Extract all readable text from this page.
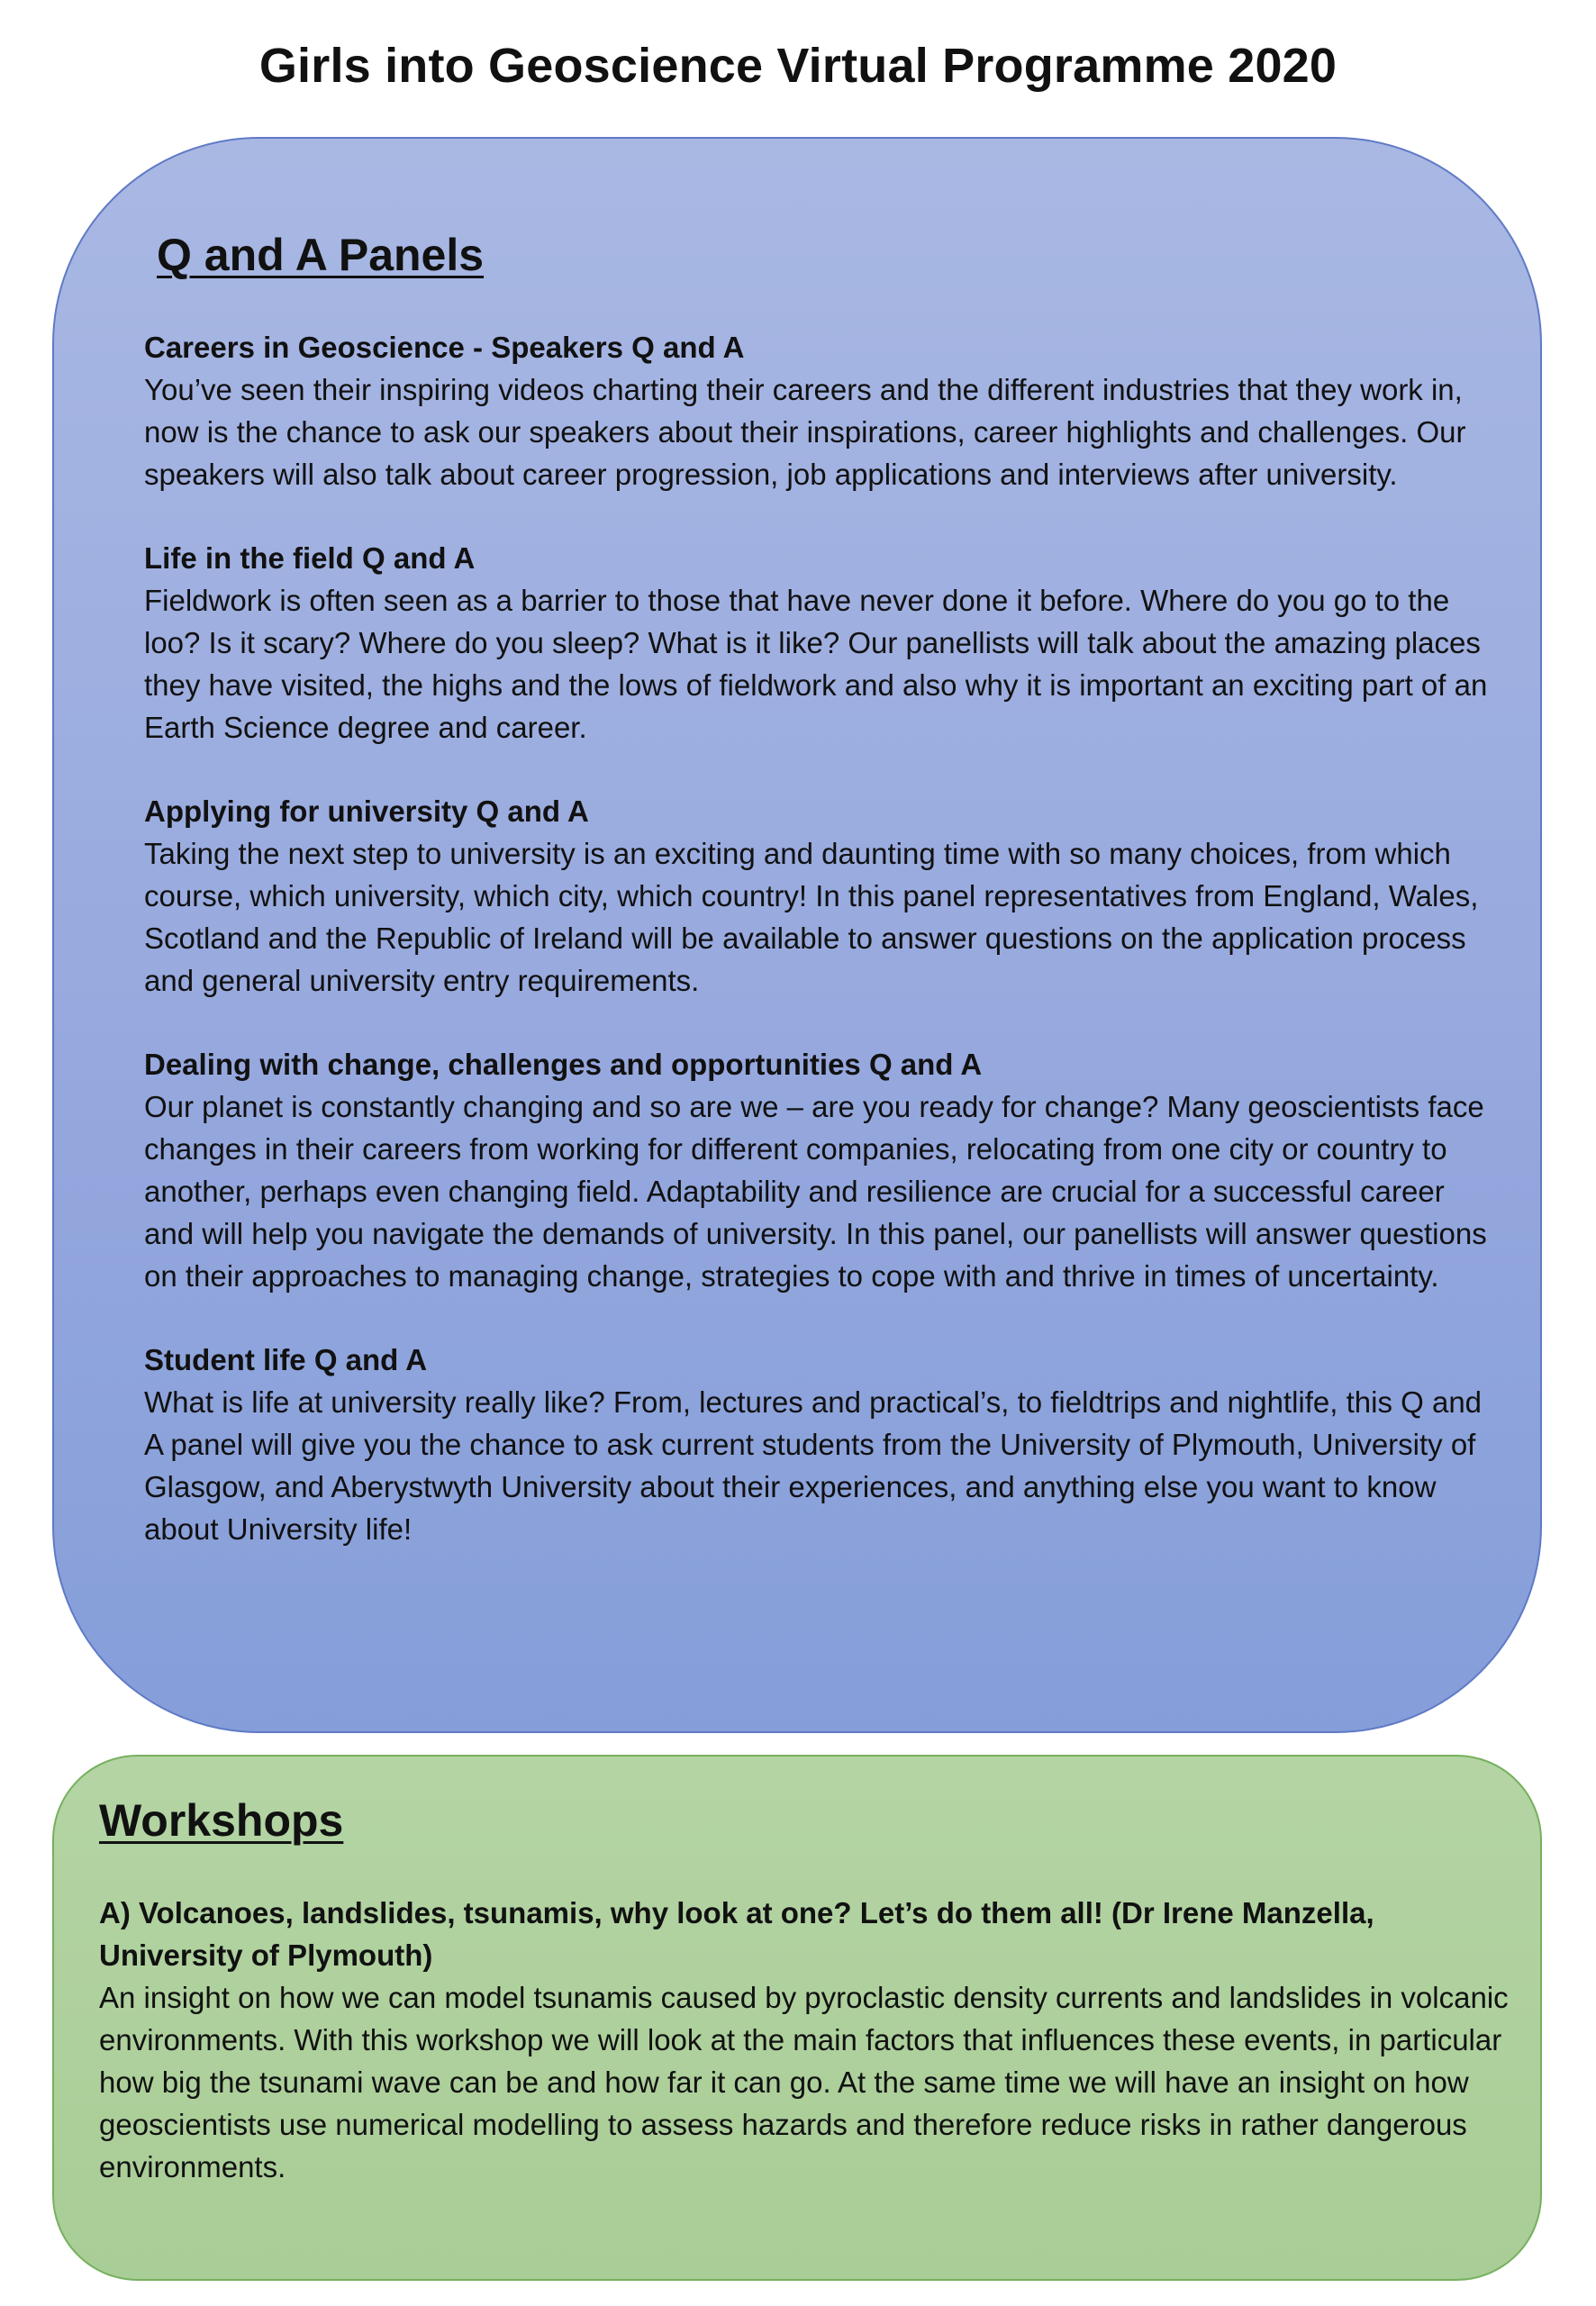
Girls into Geoscience Virtual Programme 2020
Q and A Panels

Careers in Geoscience - Speakers Q and A

You’ve seen their inspiring videos charting their careers and the different industries that they work in, now is the chance to ask our speakers about their inspirations, career highlights and challenges. Our speakers will also talk about career progression, job applications and interviews after university.

Life in the field Q and A

Fieldwork is often seen as a barrier to those that have never done it before. Where do you go to the loo? Is it scary? Where do you sleep? What is it like? Our panellists will talk about the amazing places they have visited, the highs and the lows of fieldwork and also why it is important an exciting part of an Earth Science degree and career.

Applying for university Q and A

Taking the next step to university is an exciting and daunting time with so many choices, from which course, which university, which city, which country! In this panel representatives from England, Wales, Scotland and the Republic of Ireland will be available to answer questions on the application process and general university entry requirements.

Dealing with change, challenges and opportunities Q and A

Our planet is constantly changing and so are we – are you ready for change? Many geoscientists face changes in their careers from working for different companies, relocating from one city or country to another, perhaps even changing field. Adaptability and resilience are crucial for a successful career and will help you navigate the demands of university. In this panel, our panellists will answer questions on their approaches to managing change, strategies to cope with and thrive in times of uncertainty.

Student life Q and A

What is life at university really like? From, lectures and practical’s, to fieldtrips and nightlife, this Q and A panel will give you the chance to ask current students from the University of Plymouth, University of Glasgow, and Aberystwyth University about their experiences, and anything else you want to know about University life!

Workshops

A) Volcanoes, landslides, tsunamis, why look at one? Let’s do them all! (Dr Irene Manzella, University of Plymouth)

An insight on how we can model tsunamis caused by pyroclastic density currents and landslides in volcanic environments. With this workshop we will look at the main factors that influences these events, in particular how big the tsunami wave can be and how far it can go. At the same time we will have an insight on how geoscientists use numerical modelling to assess hazards and therefore reduce risks in rather dangerous environments.
